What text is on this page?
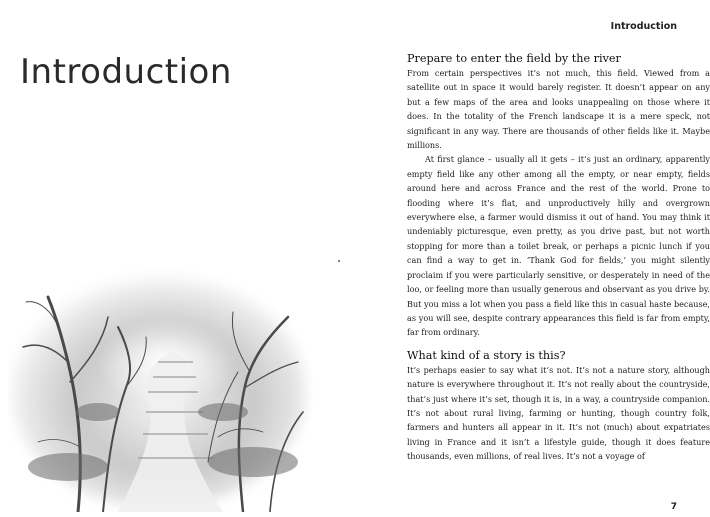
Introduction

Introduction

Prepare to enter the field by the river

From certain perspectives it’s not much, this field. Viewed from a satellite out in space it would barely register. It doesn’t appear on any but a few maps of the area and looks unappealing on those where it does. In the totality of the French landscape it is a mere speck, not significant in any way. There are thousands of other fields like it. Maybe millions.

At first glance – usually all it gets – it’s just an ordinary, apparently empty field like any other among all the empty, or near empty, fields around here and across France and the rest of the world. Prone to flooding where it’s flat, and unproductively hilly and overgrown everywhere else, a farmer would dismiss it out of hand. You may think it undeniably picturesque, even pretty, as you drive past, but not worth stopping for more than a toilet break, or perhaps a picnic lunch if you can find a way to get in. ‘Thank God for fields,’ you might silently proclaim if you were particularly sensitive, or desperately in need of the loo, or feeling more than usually generous and observant as you drive by. But you miss a lot when you pass a field like this in casual haste because, as you will see, despite contrary appearances this field is far from empty, far from ordinary.

What kind of a story is this?

It’s perhaps easier to say what it’s not. It’s not a nature story, although nature is everywhere throughout it. It’s not really about the countryside, that’s just where it’s set, though it is, in a way, a countryside companion. It’s not about rural living, farming or hunting, though country folk, farmers and hunters all appear in it. It’s not (much) about expatriates living in France and it isn’t a lifestyle guide, though it does feature thousands, even millions, of real lives. It’s not a voyage of

7
